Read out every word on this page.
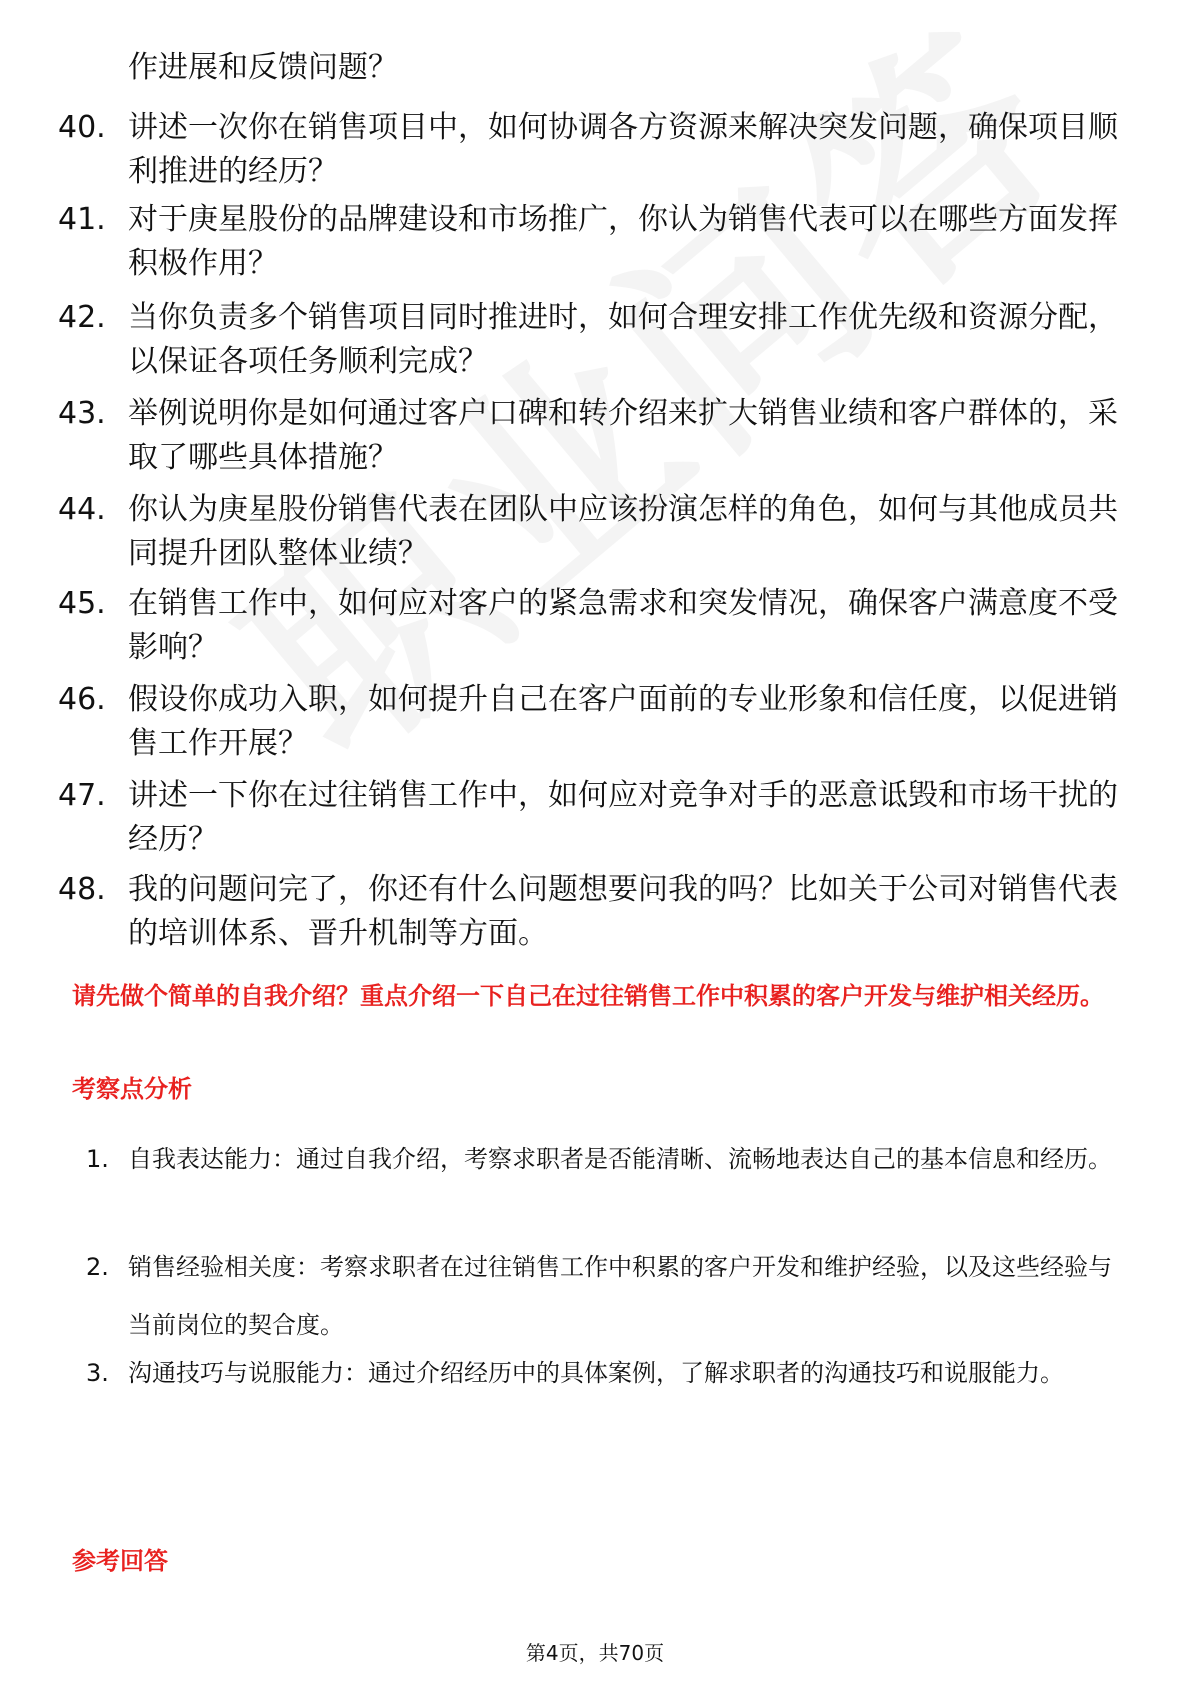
作进展和反馈问题？
40. 讲述一次你在销售项目中，如何协调各方资源来解决突发问题，确保项目顺利推进的经历？
41. 对于庚星股份的品牌建设和市场推广，你认为销售代表可以在哪些方面发挥积极作用？
42. 当你负责多个销售项目同时推进时，如何合理安排工作优先级和资源分配，以保证各项任务顺利完成？
43. 举例说明你是如何通过客户口碑和转介绍来扩大销售业绩和客户群体的，采取了哪些具体措施？
44. 你认为庚星股份销售代表在团队中应该扮演怎样的角色，如何与其他成员共同提升团队整体业绩？
45. 在销售工作中，如何应对客户的紧急需求和突发情况，确保客户满意度不受影响？
46. 假设你成功入职，如何提升自己在客户面前的专业形象和信任度，以促进销售工作开展？
47. 讲述一下你在过往销售工作中，如何应对竞争对手的恶意诋毁和市场干扰的经历？
48. 我的问题问完了，你还有什么问题想要问我的吗？比如关于公司对销售代表的培训体系、晋升机制等方面。
请先做个简单的自我介绍？重点介绍一下自己在过往销售工作中积累的客户开发与维护相关经历。
考察点分析
1. 自我表达能力：通过自我介绍，考察求职者是否能清晰、流畅地表达自己的基本信息和经历。
2. 销售经验相关度：考察求职者在过往销售工作中积累的客户开发和维护经验，以及这些经验与当前岗位的契合度。
3. 沟通技巧与说服能力：通过介绍经历中的具体案例，了解求职者的沟通技巧和说服能力。
参考回答
第4页，共70页
